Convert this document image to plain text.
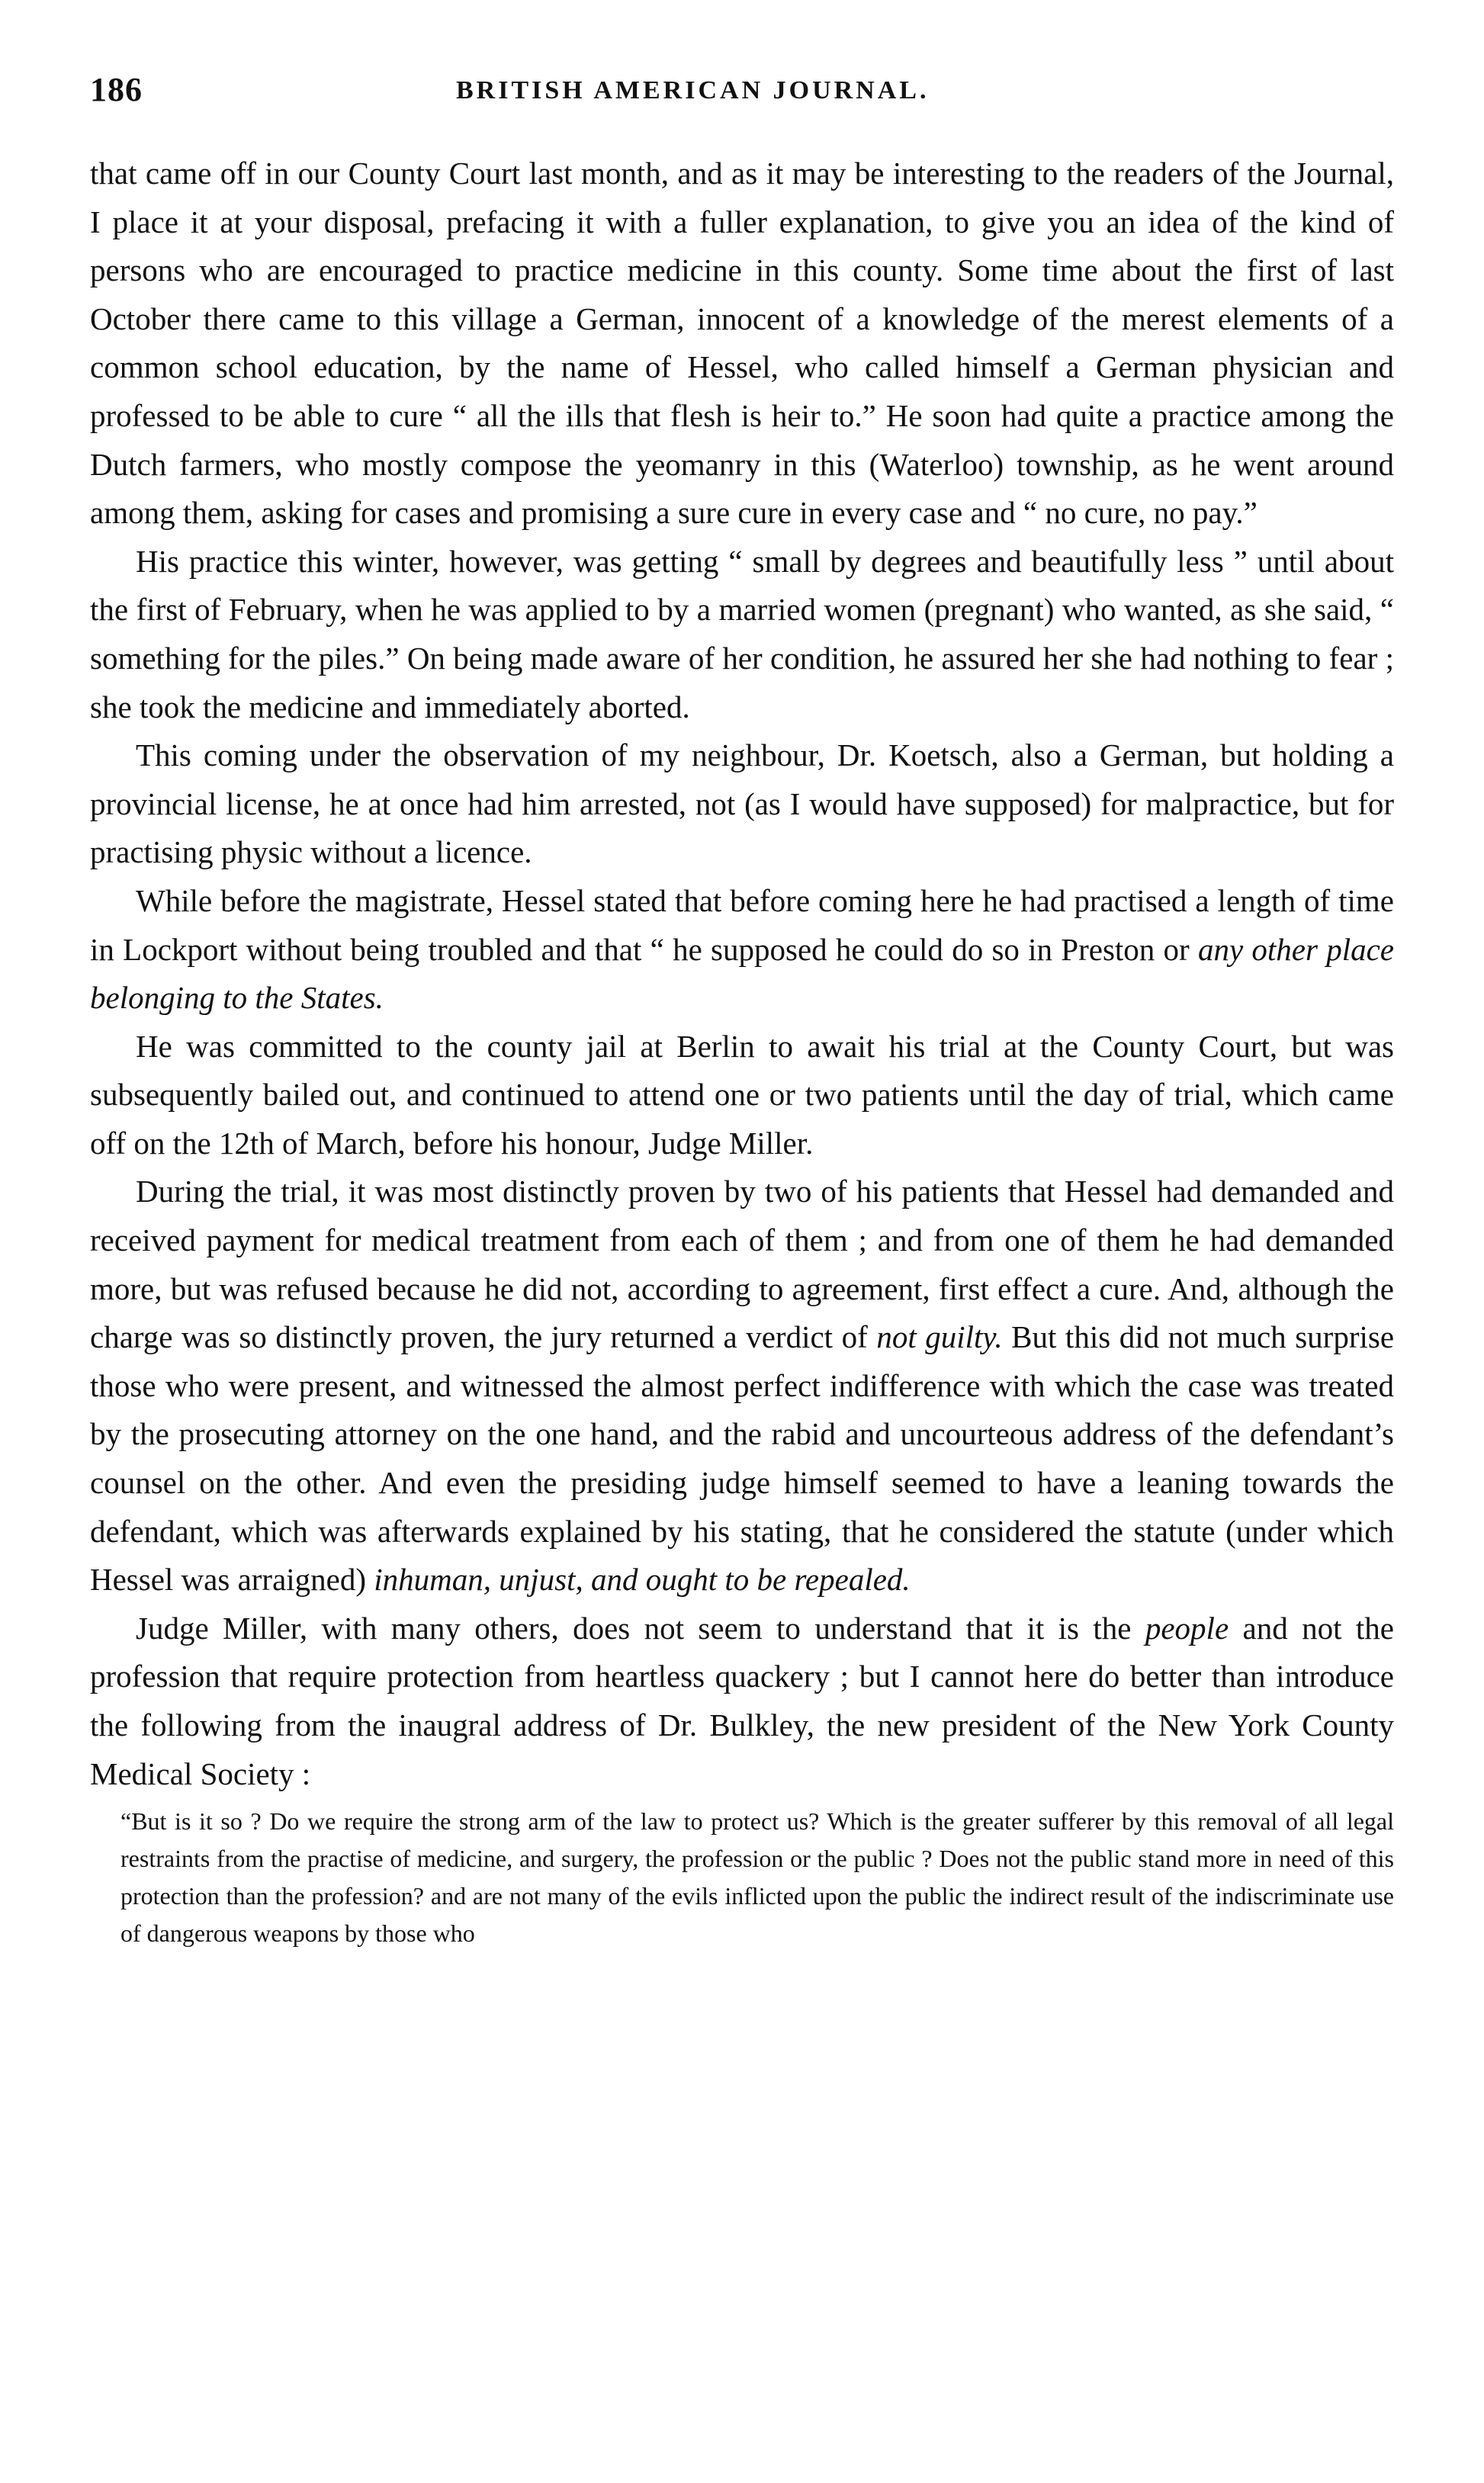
186	BRITISH AMERICAN JOURNAL.

that came off in our County Court last month, and as it may be interesting to the readers of the Journal, I place it at your disposal, prefacing it with a fuller explanation, to give you an idea of the kind of persons who are encouraged to practice medicine in this county. Some time about the first of last October there came to this village a German, innocent of a knowledge of the merest elements of a common school education, by the name of Hessel, who called himself a German physician and professed to be able to cure “ all the ills that flesh is heir to.” He soon had quite a practice among the Dutch farmers, who mostly compose the yeomanry in this (Waterloo) township, as he went around among them, asking for cases and promising a sure cure in every case and “ no cure, no pay.”

His practice this winter, however, was getting “ small by degrees and beautifully less ” until about the first of February, when he was applied to by a married women (pregnant) who wanted, as she said, “ something for the piles.” On being made aware of her condition, he assured her she had nothing to fear ; she took the medicine and immediately aborted.

This coming under the observation of my neighbour, Dr. Koetsch, also a German, but holding a provincial license, he at once had him arrested, not (as I would have supposed) for malpractice, but for practising physic without a licence.

While before the magistrate, Hessel stated that before coming here he had practised a length of time in Lockport without being troubled and that “ he supposed he could do so in Preston or any other place belonging to the States.

He was committed to the county jail at Berlin to await his trial at the County Court, but was subsequently bailed out, and continued to attend one or two patients until the day of trial, which came off on the 12th of March, before his honour, Judge Miller.

During the trial, it was most distinctly proven by two of his patients that Hessel had demanded and received payment for medical treatment from each of them ; and from one of them he had demanded more, but was refused because he did not, according to agreement, first effect a cure. And, although the charge was so distinctly proven, the jury returned a verdict of not guilty. But this did not much surprise those who were present, and witnessed the almost perfect indifference with which the case was treated by the prosecuting attorney on the one hand, and the rabid and uncourteous address of the defendant’s counsel on the other. And even the presiding judge himself seemed to have a leaning towards the defendant, which was afterwards explained by his stating, that he considered the statute (under which Hessel was arraigned) inhuman, unjust, and ought to be repealed.

Judge Miller, with many others, does not seem to understand that it is the people and not the profession that require protection from heartless quackery ; but I cannot here do better than introduce the following from the inaugral address of Dr. Bulkley, the new president of the New York County Medical Society :

“But is it so ? Do we require the strong arm of the law to protect us? Which is the greater sufferer by this removal of all legal restraints from the practise of medicine, and surgery, the profession or the public ? Does not the public stand more in need of this protection than the profession? and are not many of the evils inflicted upon the public the indirect result of the indiscriminate use of dangerous weapons by those who
